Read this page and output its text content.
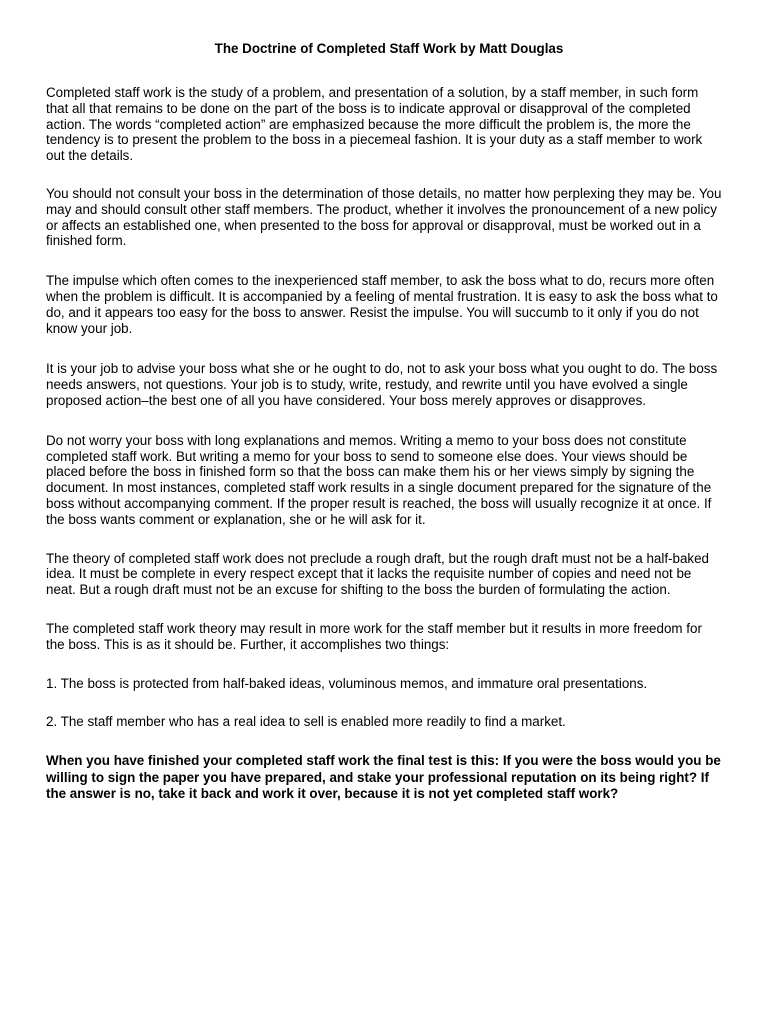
The Doctrine of Completed Staff Work by Matt Douglas

Completed staff work is the study of a problem, and presentation of a solution, by a staff member, in such form that all that remains to be done on the part of the boss is to indicate approval or disapproval of the completed action. The words “completed action” are emphasized because the more difficult the problem is, the more the tendency is to present the problem to the boss in a piecemeal fashion. It is your duty as a staff member to work out the details.

You should not consult your boss in the determination of those details, no matter how perplexing they may be. You may and should consult other staff members. The product, whether it involves the pronouncement of a new policy or affects an established one, when presented to the boss for approval or disapproval, must be worked out in a finished form.

The impulse which often comes to the inexperienced staff member, to ask the boss what to do, recurs more often when the problem is difficult. It is accompanied by a feeling of mental frustration. It is easy to ask the boss what to do, and it appears too easy for the boss to answer. Resist the impulse. You will succumb to it only if you do not know your job.

It is your job to advise your boss what she or he ought to do, not to ask your boss what you ought to do. The boss needs answers, not questions. Your job is to study, write, restudy, and rewrite until you have evolved a single proposed action–the best one of all you have considered. Your boss merely approves or disapproves.

Do not worry your boss with long explanations and memos. Writing a memo to your boss does not constitute completed staff work. But writing a memo for your boss to send to someone else does. Your views should be placed before the boss in finished form so that the boss can make them his or her views simply by signing the document. In most instances, completed staff work results in a single document prepared for the signature of the boss without accompanying comment. If the proper result is reached, the boss will usually recognize it at once. If the boss wants comment or explanation, she or he will ask for it.

The theory of completed staff work does not preclude a rough draft, but the rough draft must not be a half-baked idea. It must be complete in every respect except that it lacks the requisite number of copies and need not be neat. But a rough draft must not be an excuse for shifting to the boss the burden of formulating the action.

The completed staff work theory may result in more work for the staff member but it results in more freedom for the boss. This is as it should be. Further, it accomplishes two things:

1. The boss is protected from half-baked ideas, voluminous memos, and immature oral presentations.

2. The staff member who has a real idea to sell is enabled more readily to find a market.

When you have finished your completed staff work the final test is this: If you were the boss would you be willing to sign the paper you have prepared, and stake your professional reputation on its being right? If the answer is no, take it back and work it over, because it is not yet completed staff work?
